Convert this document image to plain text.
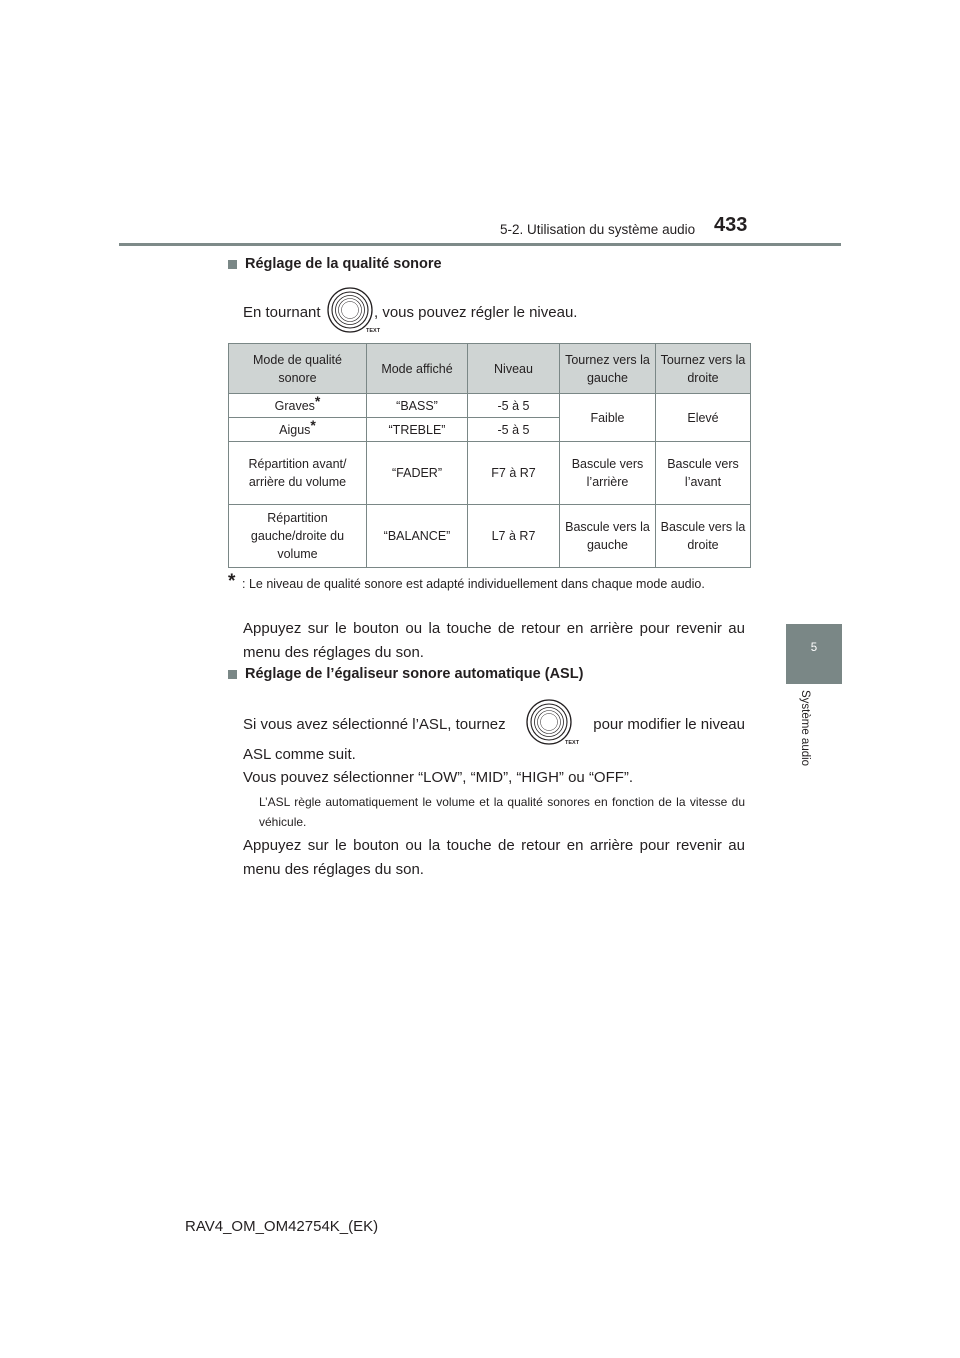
5-2. Utilisation du système audio 433
5
Système audio
Réglage de la qualité sonore
En tournant
TEXT
, vous pouvez régler le niveau.
Mode de qualité sonore	Mode affiché	Niveau	Tournez vers la gauche	Tournez vers la droite
Graves*	“BASS”	-5 à 5	Faible	Elevé
Aigus*	“TREBLE”	-5 à 5		
Répartition avant/ arrière du volume	“FADER”	F7 à R7	Bascule vers l’arrière	Bascule vers l’avant
Répartition gauche/droite du volume	“BALANCE”	L7 à R7	Bascule vers la gauche	Bascule vers la droite
* : Le niveau de qualité sonore est adapté individuellement dans chaque mode audio.
Appuyez sur le bouton ou la touche de retour en arrière pour revenir au menu des réglages du son.
Réglage de l’égaliseur sonore automatique (ASL)
Si vous avez sélectionné l’ASL, tournez
TEXT
pour modifier le niveau
ASL comme suit.
Vous pouvez sélectionner “LOW”, “MID”, “HIGH” ou “OFF”.
L’ASL règle automatiquement le volume et la qualité sonores en fonction de la vitesse du véhicule.
Appuyez sur le bouton ou la touche de retour en arrière pour revenir au menu des réglages du son.
RAV4_OM_OM42754K_(EK)
